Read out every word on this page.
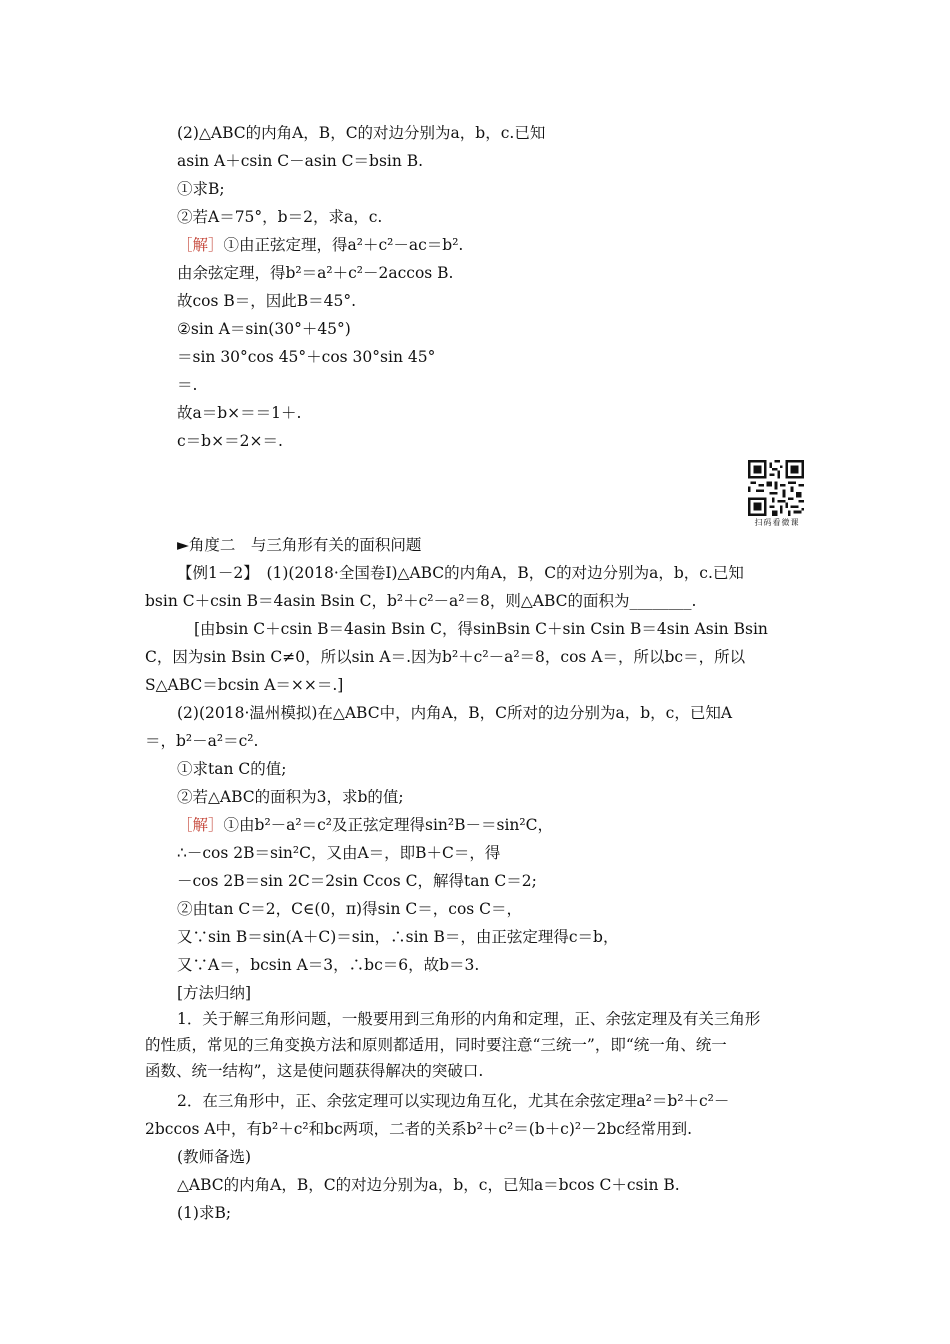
(2)△ABC的内角A，B，C的对边分别为a，b，c.已知
asin A＋csin C－asin C＝bsin B.
①求B;
②若A＝75°，b＝2，求a，c.
［解］①由正弦定理，得a²＋c²－ac＝b².
由余弦定理，得b²＝a²＋c²－2accos B.
故cos B＝，因此B＝45°.
②sin A＝sin(30°＋45°)
＝sin 30°cos 45°＋cos 30°sin 45°
＝.
故a＝b×＝＝1＋.
c＝b×＝2×＝.
扫码看微课
►角度二　与三角形有关的面积问题
【例1－2】　(1)(2018·全国卷Ⅰ)△ABC的内角A，B，C的对边分别为a，b，c.已知
bsin C＋csin B＝4asin Bsin C，b²＋c²－a²＝8，则△ABC的面积为________.
[由bsin C＋csin B＝4asin Bsin C，得sinBsin C＋sin Csin B＝4sin Asin Bsin
C，因为sin Bsin C≠0，所以sin A＝.因为b²＋c²－a²＝8，cos A＝，所以bc＝，所以
S△ABC＝bcsin A＝××＝.]
(2)(2018·温州模拟)在△ABC中，内角A，B，C所对的边分别为a，b，c，已知A
＝，b²－a²＝c².
①求tan C的值;
②若△ABC的面积为3，求b的值;
［解］①由b²－a²＝c²及正弦定理得sin²B－＝sin²C，
∴－cos 2B＝sin²C，又由A＝，即B＋C＝，得
－cos 2B＝sin 2C＝2sin Ccos C，解得tan C＝2;
②由tan C＝2，C∈(0，π)得sin C＝，cos C＝，
又∵sin B＝sin(A＋C)＝sin，∴sin B＝，由正弦定理得c＝b，
又∵A＝，bcsin A＝3，∴bc＝6，故b＝3.
[方法归纳]
1．关于解三角形问题，一般要用到三角形的内角和定理，正、余弦定理及有关三角形
的性质，常见的三角变换方法和原则都适用，同时要注意“三统一”，即“统一角、统一
函数、统一结构”，这是使问题获得解决的突破口.
2．在三角形中，正、余弦定理可以实现边角互化，尤其在余弦定理a²＝b²＋c²－
2bccos A中，有b²＋c²和bc两项，二者的关系b²＋c²＝(b＋c)²－2bc经常用到.
(教师备选)
△ABC的内角A，B，C的对边分别为a，b，c，已知a＝bcos C＋csin B.
(1)求B;
